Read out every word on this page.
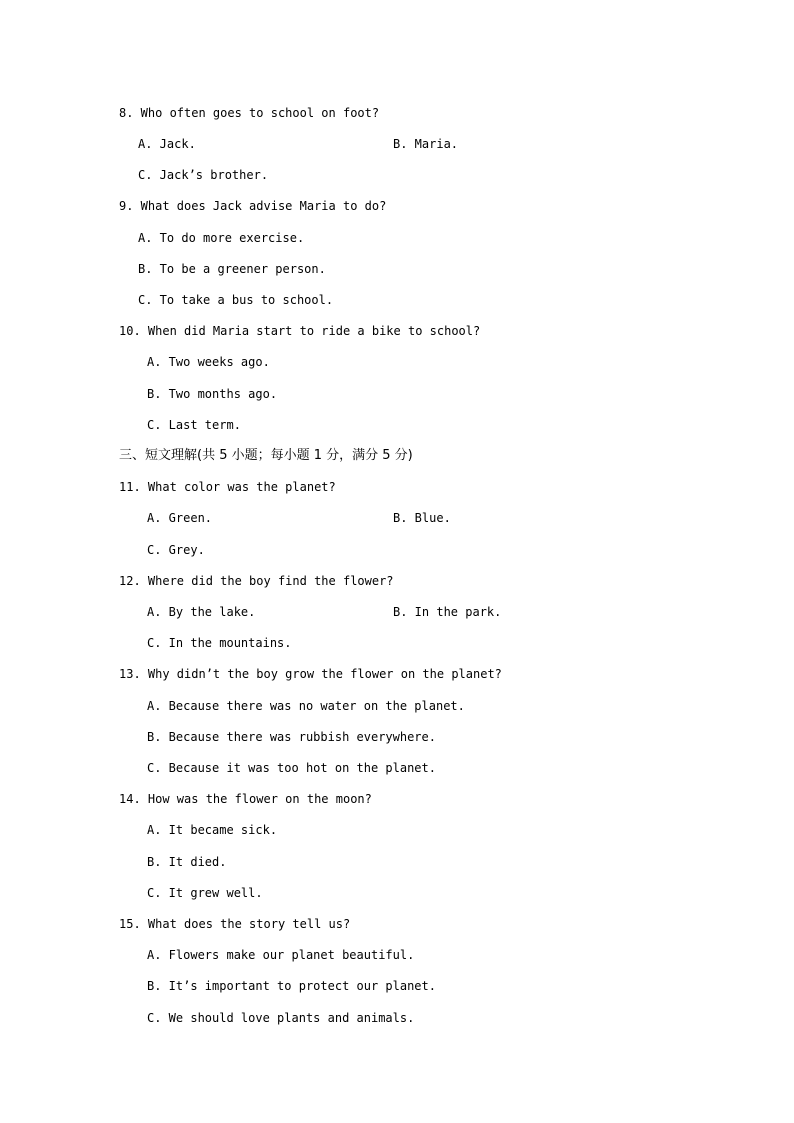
8. Who often goes to school on foot?
A. Jack.	B. Maria.
C. Jack’s brother.
9. What does Jack advise Maria to do?
A. To do more exercise.
B. To be a greener person.
C. To take a bus to school.
10. When did Maria start to ride a bike to school?
A. Two weeks ago.
B. Two months ago.
C. Last term.
三、短文理解(共 5 小题；每小题 1 分，满分 5 分)
11. What color was the planet?
A. Green.	B. Blue.
C. Grey.
12. Where did the boy find the flower?
A. By the lake.	B. In the park.
C. In the mountains.
13. Why didn’t the boy grow the flower on the planet?
A. Because there was no water on the planet.
B. Because there was rubbish everywhere.
C. Because it was too hot on the planet.
14. How was the flower on the moon?
A. It became sick.
B. It died.
C. It grew well.
15. What does the story tell us?
A. Flowers make our planet beautiful.
B. It’s important to protect our planet.
C. We should love plants and animals.
